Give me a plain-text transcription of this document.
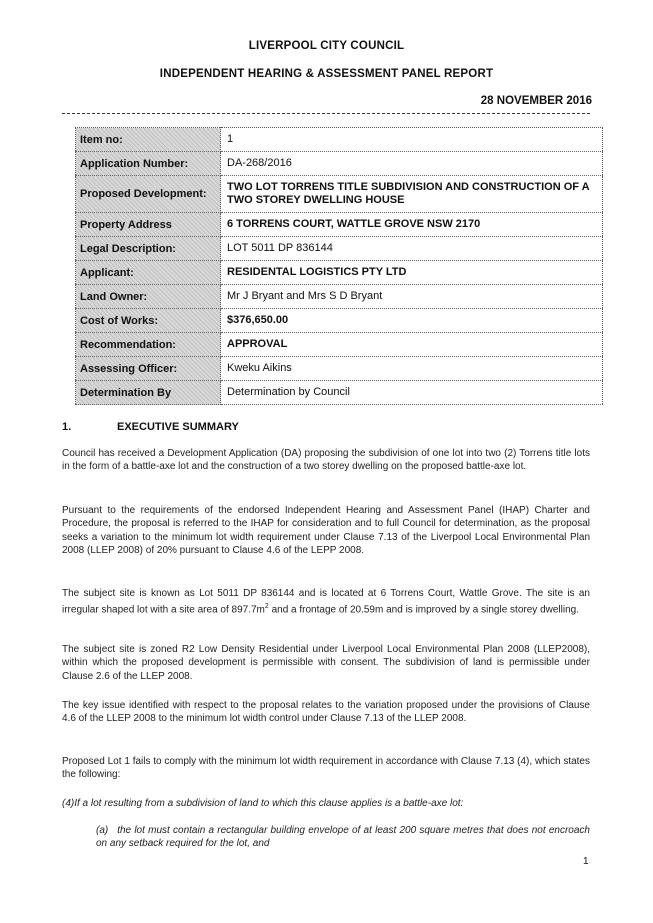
LIVERPOOL CITY COUNCIL
INDEPENDENT HEARING & ASSESSMENT PANEL REPORT
28 NOVEMBER 2016
Item no:	1
Application Number:	DA-268/2016
Proposed Development:	TWO LOT TORRENS TITLE SUBDIVISION AND CONSTRUCTION OF A TWO STOREY DWELLING HOUSE
Property Address	6 TORRENS COURT, WATTLE GROVE NSW 2170
Legal Description:	LOT 5011 DP 836144
Applicant:	RESIDENTAL LOGISTICS PTY LTD
Land Owner:	Mr J Bryant and Mrs S D Bryant
Cost of Works:	$376,650.00
Recommendation:	APPROVAL
Assessing Officer:	Kweku Aikins
Determination By	Determination by Council
1.	EXECUTIVE SUMMARY

Council has received a Development Application (DA) proposing the subdivision of one lot into two (2) Torrens title lots in the form of a battle-axe lot and the construction of a two storey dwelling on the proposed battle-axe lot.

Pursuant to the requirements of the endorsed Independent Hearing and Assessment Panel (IHAP) Charter and Procedure, the proposal is referred to the IHAP for consideration and to full Council for determination, as the proposal seeks a variation to the minimum lot width requirement under Clause 7.13 of the Liverpool Local Environmental Plan 2008 (LLEP 2008) of 20% pursuant to Clause 4.6 of the LEPP 2008.

The subject site is known as Lot 5011 DP 836144 and is located at 6 Torrens Court, Wattle Grove. The site is an irregular shaped lot with a site area of $897.7m^2$ and a frontage of 20.59m and is improved by a single storey dwelling.

The subject site is zoned R2 Low Density Residential under Liverpool Local Environmental Plan 2008 (LLEP2008), within which the proposed development is permissible with consent. The subdivision of land is permissible under Clause 2.6 of the LLEP 2008.

The key issue identified with respect to the proposal relates to the variation proposed under the provisions of Clause 4.6 of the LLEP 2008 to the minimum lot width control under Clause 7.13 of the LLEP 2008.

Proposed Lot 1 fails to comply with the minimum lot width requirement in accordance with Clause 7.13 (4), which states the following:

(4)If a lot resulting from a subdivision of land to which this clause applies is a battle-axe lot:

(a) the lot must contain a rectangular building envelope of at least 200 square metres that does not encroach on any setback required for the lot, and

1
